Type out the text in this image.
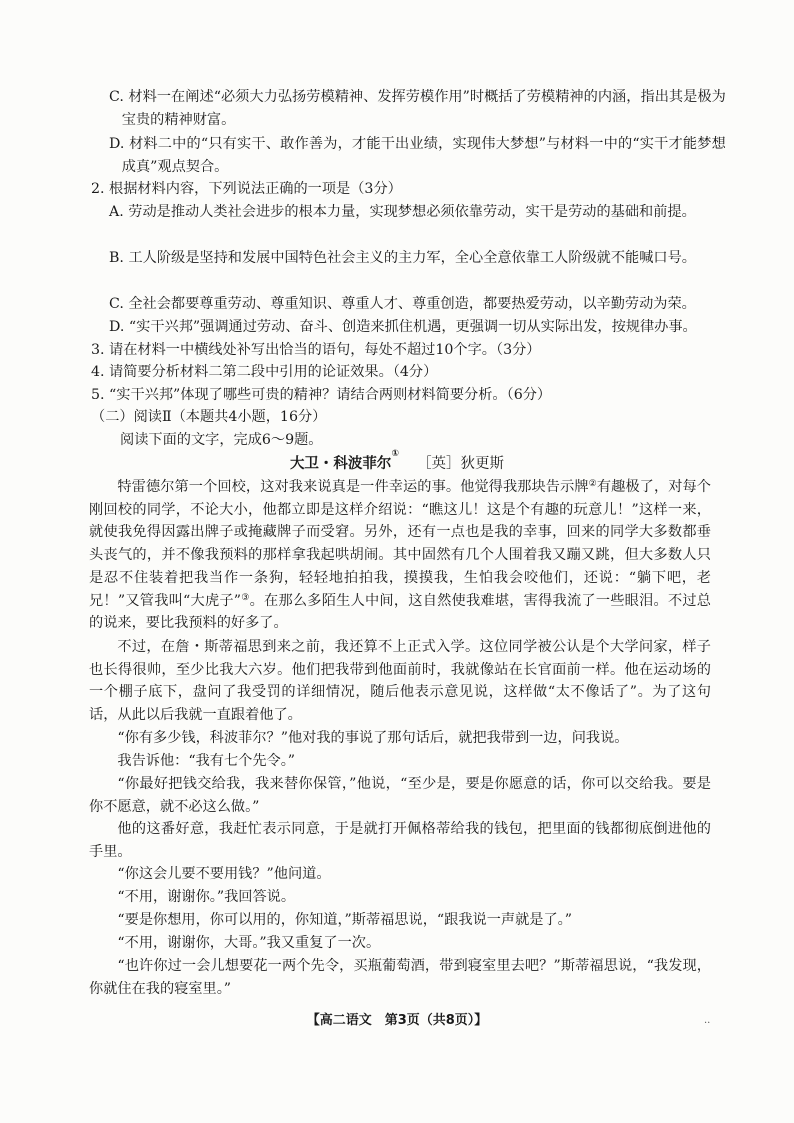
C. 材料一在阐述“必须大力弘扬劳模精神、发挥劳模作用”时概括了劳模精神的内涵，指出其是极为宝贵的精神财富。
D. 材料二中的“只有实干、敢作善为，才能干出业绩，实现伟大梦想”与材料一中的“实干才能梦想成真”观点契合。
2. 根据材料内容，下列说法正确的一项是（3分）
A. 劳动是推动人类社会进步的根本力量，实现梦想必须依靠劳动，实干是劳动的基础和前提。
B. 工人阶级是坚持和发展中国特色社会主义的主力军，全心全意依靠工人阶级就不能喊口号。
C. 全社会都要尊重劳动、尊重知识、尊重人才、尊重创造，都要热爱劳动，以辛勤劳动为荣。
D. “实干兴邦”强调通过劳动、奋斗、创造来抓住机遇，更强调一切从实际出发，按规律办事。
3. 请在材料一中横线处补写出恰当的语句，每处不超过10个字。（3分）
4. 请简要分析材料二第二段中引用的论证效果。（4分）
5. “实干兴邦”体现了哪些可贵的精神？请结合两则材料简要分析。（6分）
（二）阅读Ⅱ（本题共4小题，16分）
阅读下面的文字，完成6～9题。
大卫・科波菲尔①［英］狄更斯
特雷德尔第一个回校，这对我来说真是一件幸运的事。他觉得我那块告示牌②有趣极了，对每个刚回校的同学，不论大小，他都立即是这样介绍说：“瞧这儿！这是个有趣的玩意儿！”这样一来，就使我免得因露出牌子或掩藏牌子而受窘。另外，还有一点也是我的幸事，回来的同学大多数都垂头丧气的，并不像我预料的那样拿我起哄胡闹。其中固然有几个人围着我又蹦又跳，但大多数人只是忍不住装着把我当作一条狗，轻轻地拍拍我，摸摸我，生怕我会咬他们，还说：“躺下吧，老兄！”又管我叫“大虎子”③。在那么多陌生人中间，这自然使我难堪，害得我流了一些眼泪。不过总的说来，要比我预料的好多了。
不过，在詹・斯蒂福思到来之前，我还算不上正式入学。这位同学被公认是个大学问家，样子也长得很帅，至少比我大六岁。他们把我带到他面前时，我就像站在长官面前一样。他在运动场的一个棚子底下，盘问了我受罚的详细情况，随后他表示意见说，这样做“太不像话了”。为了这句话，从此以后我就一直跟着他了。
“你有多少钱，科波菲尔？”他对我的事说了那句话后，就把我带到一边，问我说。
我告诉他：“我有七个先令。”
“你最好把钱交给我，我来替你保管，”他说，“至少是，要是你愿意的话，你可以交给我。要是你不愿意，就不必这么做。”
他的这番好意，我赶忙表示同意，于是就打开佩格蒂给我的钱包，把里面的钱都彻底倒进他的手里。
“你这会儿要不要用钱？”他问道。
“不用，谢谢你。”我回答说。
“要是你想用，你可以用的，你知道，”斯蒂福思说，“跟我说一声就是了。”
“不用，谢谢你，大哥。”我又重复了一次。
“也许你过一会儿想要花一两个先令，买瓶葡萄酒，带到寝室里去吧？”斯蒂福思说，“我发现，你就住在我的寝室里。”
【高二语文　第3页（共8页）】	..
